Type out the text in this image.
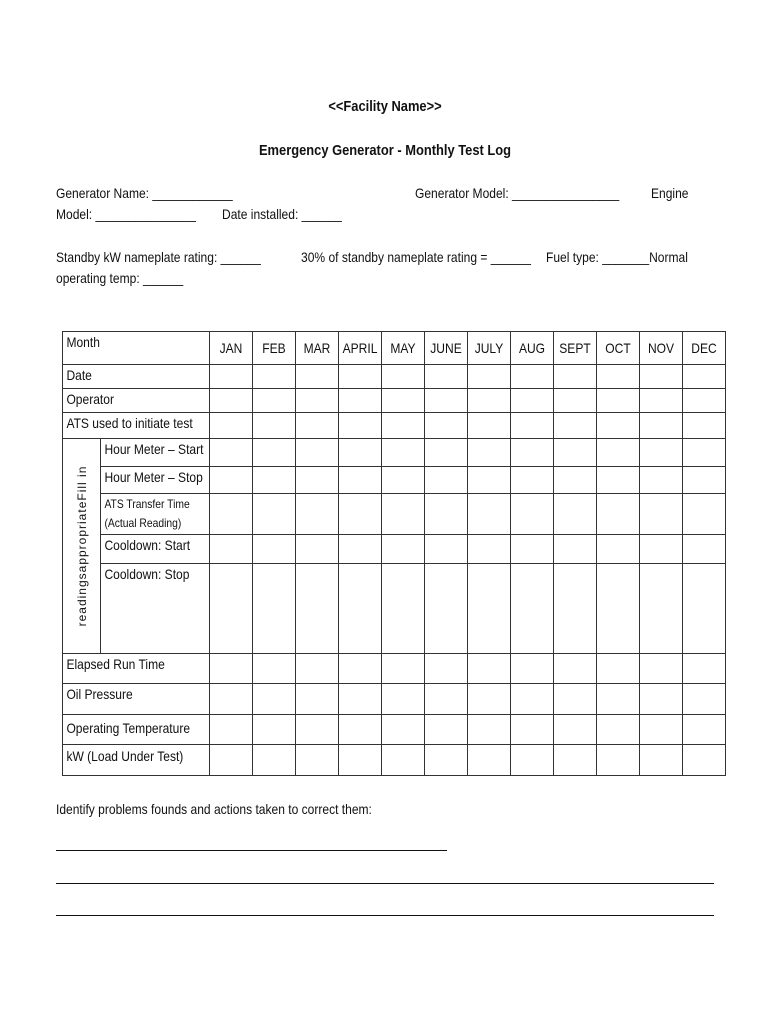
<<Facility Name>>
Emergency Generator - Monthly Test Log
Generator Name: ____________	Generator Model: ________________ Engine
Model: _______________ Date installed: ______
Standby kW nameplate rating: ______	30% of standby nameplate rating = ______ Fuel type: _______Normal
operating temp: ______
Month		JAN	FEB	MAR	APRIL	MAY	JUNE	JULY	AUG	SEPT	OCT	NOV	DEC

Date													

Operator													

ATS used to initiate test													

readingsappropriateFill in	Hour Meter – Start												

	Hour Meter – Stop												

	ATS Transfer Time
(Actual Reading)												

	Cooldown: Start												

	Cooldown: Stop												

Elapsed Run Time													

Oil Pressure													

Operating Temperature													

kW (Load Under Test)													

Identify problems founds and actions taken to correct them:
